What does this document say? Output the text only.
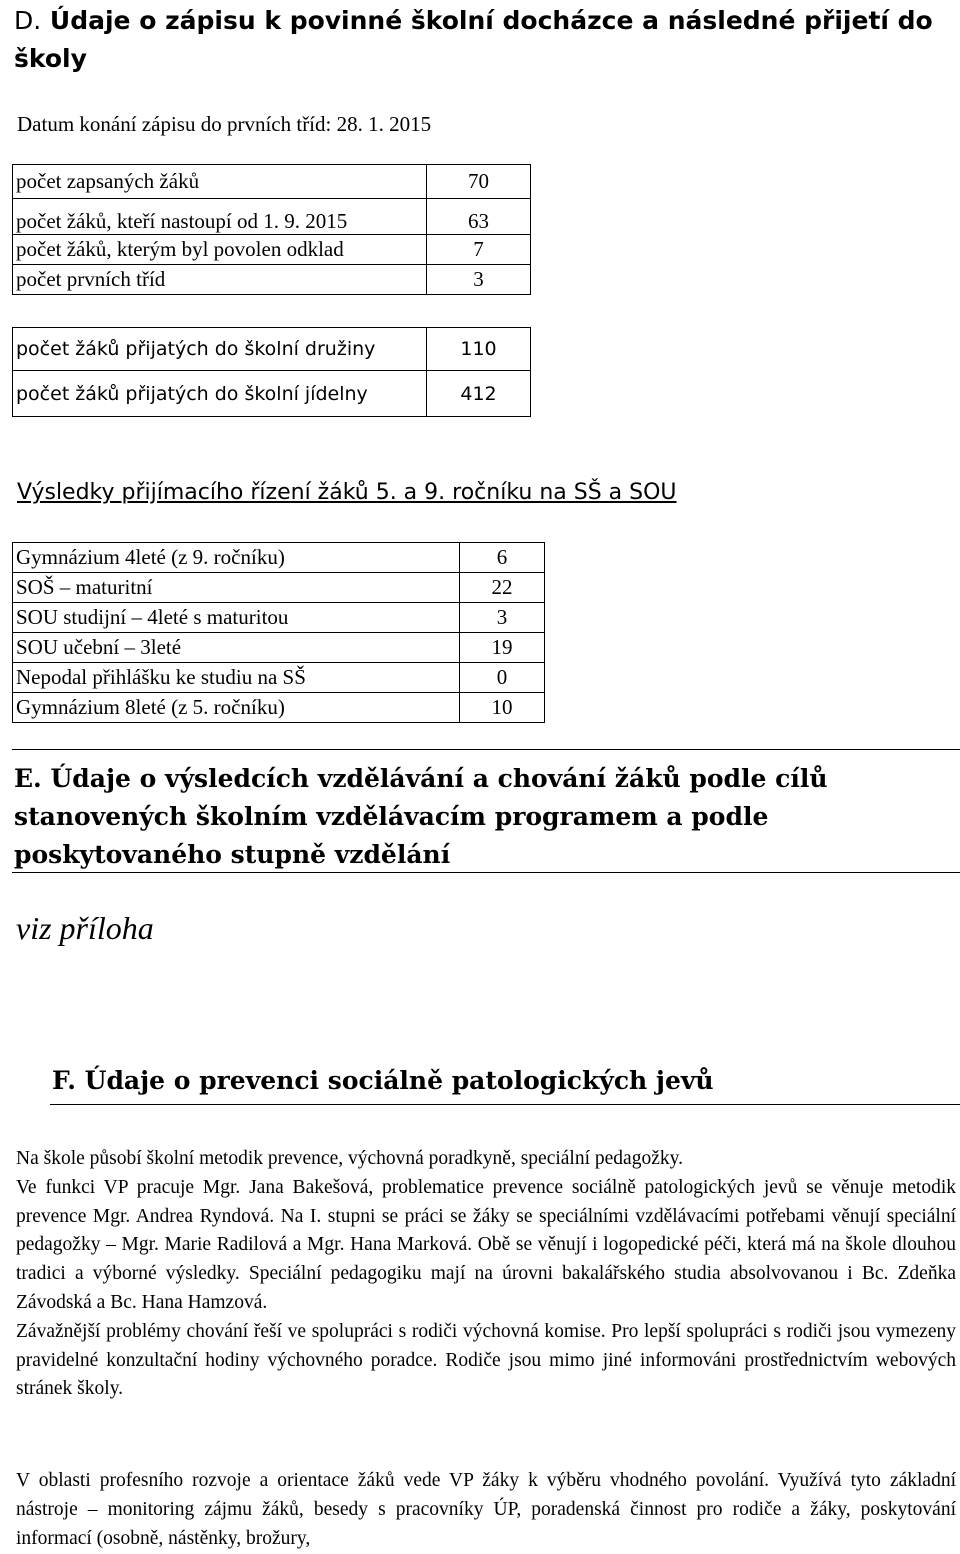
D. Údaje o zápisu k povinné školní docházce a následné přijetí do školy
Datum konání zápisu do prvních tříd: 28. 1. 2015
počet zapsaných žáků	70
počet žáků, kteří nastoupí od 1. 9. 2015	63
počet žáků, kterým byl povolen odklad	7
počet prvních tříd	3
počet žáků přijatých do školní družiny	110
počet žáků přijatých do školní jídelny	412
Výsledky přijímacího řízení žáků 5. a 9. ročníku na SŠ a SOU
Gymnázium 4leté (z 9. ročníku)	6
SOŠ – maturitní	22
SOU studijní – 4leté s maturitou	3
SOU učební – 3leté	19
Nepodal přihlášku ke studiu na SŠ	0
Gymnázium 8leté (z 5. ročníku)	10
E. Údaje o výsledcích vzdělávání a chování žáků podle cílů stanovených školním vzdělávacím programem a podle poskytovaného stupně vzdělání
viz příloha
F. Údaje o prevenci sociálně patologických jevů

Na škole působí školní metodik prevence, výchovná poradkyně, speciální pedagožky.

Ve funkci VP pracuje Mgr. Jana Bakešová, problematice prevence sociálně patologických jevů se věnuje metodik prevence Mgr. Andrea Ryndová. Na I. stupni se práci se žáky se speciálními vzdělávacími potřebami věnují speciální pedagožky – Mgr. Marie Radilová a Mgr. Hana Marková. Obě se věnují i logopedické péči, která má na škole dlouhou tradici a výborné výsledky. Speciální pedagogiku mají na úrovni bakalářského studia absolvovanou i Bc. Zdeňka Závodská a Bc. Hana Hamzová.

Závažnější problémy chování řeší ve spolupráci s rodiči výchovná komise. Pro lepší spolupráci s rodiči jsou vymezeny pravidelné konzultační hodiny výchovného poradce. Rodiče jsou mimo jiné informováni prostřednictvím webových stránek školy.

V oblasti profesního rozvoje a orientace žáků vede VP žáky k výběru vhodného povolání. Využívá tyto základní nástroje – monitoring zájmu žáků, besedy s pracovníky ÚP, poradenská činnost pro rodiče a žáky, poskytování informací (osobně, nástěnky, brožury,
